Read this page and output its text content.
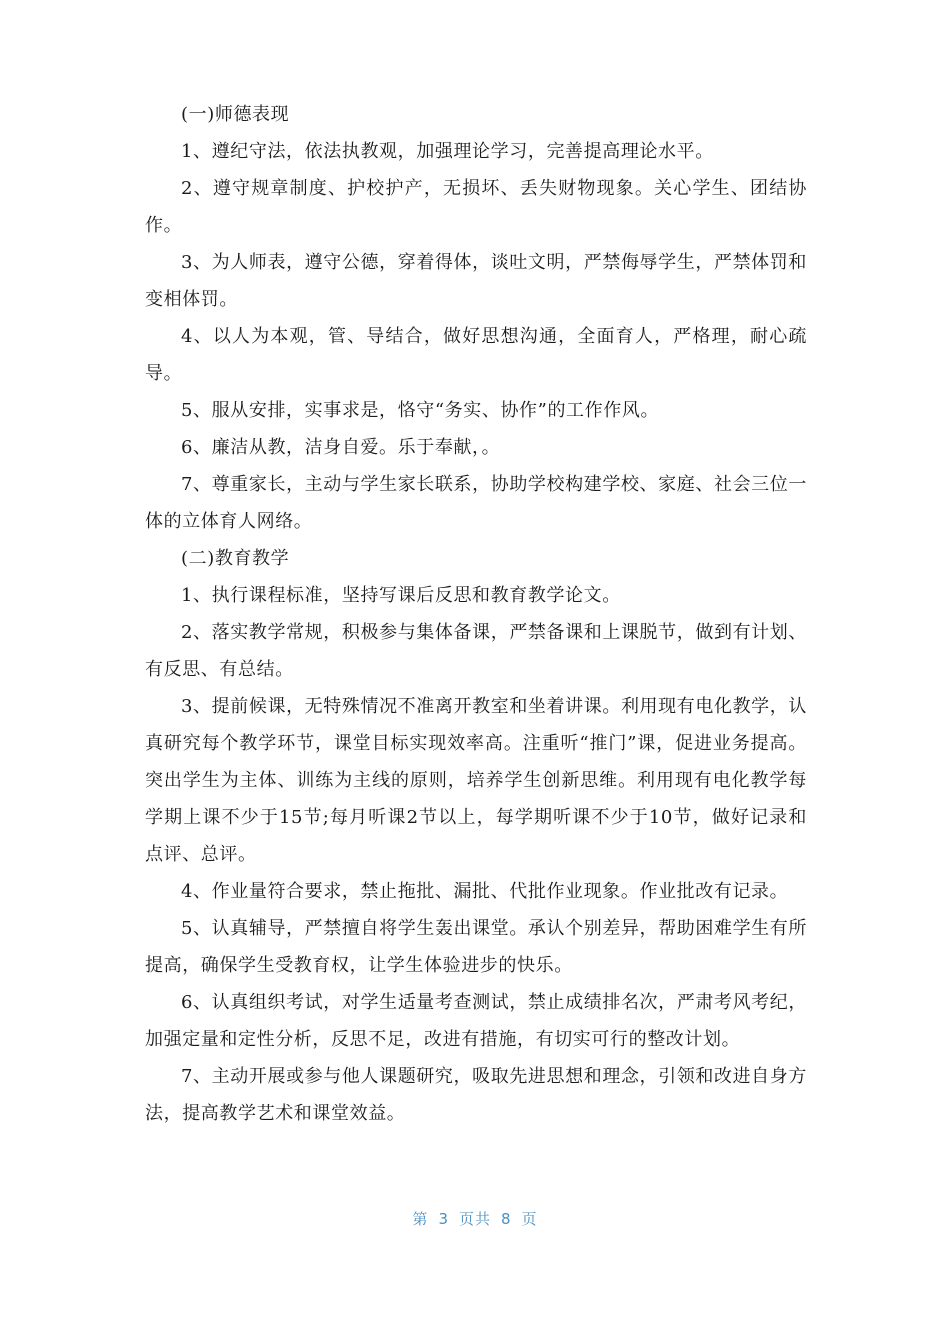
(一)师德表现

1、遵纪守法，依法执教观，加强理论学习，完善提高理论水平。

2、遵守规章制度、护校护产，无损坏、丢失财物现象。关心学生、团结协作。

3、为人师表，遵守公德，穿着得体，谈吐文明，严禁侮辱学生，严禁体罚和变相体罚。

4、以人为本观，管、导结合，做好思想沟通，全面育人，严格理，耐心疏导。

5、服从安排，实事求是，恪守“务实、协作”的工作作风。

6、廉洁从教，洁身自爱。乐于奉献，。

7、尊重家长，主动与学生家长联系，协助学校构建学校、家庭、社会三位一体的立体育人网络。

(二)教育教学

1、执行课程标准，坚持写课后反思和教育教学论文。

2、落实教学常规，积极参与集体备课，严禁备课和上课脱节，做到有计划、有反思、有总结。

3、提前候课，无特殊情况不准离开教室和坐着讲课。利用现有电化教学，认真研究每个教学环节，课堂目标实现效率高。注重听“推门”课，促进业务提高。突出学生为主体、训练为主线的原则，培养学生创新思维。利用现有电化教学每学期上课不少于15节;每月听课2节以上，每学期听课不少于10节，做好记录和点评、总评。

4、作业量符合要求，禁止拖批、漏批、代批作业现象。作业批改有记录。

5、认真辅导，严禁擅自将学生轰出课堂。承认个别差异，帮助困难学生有所提高，确保学生受教育权，让学生体验进步的快乐。

6、认真组织考试，对学生适量考查测试，禁止成绩排名次，严肃考风考纪，加强定量和定性分析，反思不足，改进有措施，有切实可行的整改计划。

7、主动开展或参与他人课题研究，吸取先进思想和理念，引领和改进自身方法，提高教学艺术和课堂效益。

第 3 页共 8 页
